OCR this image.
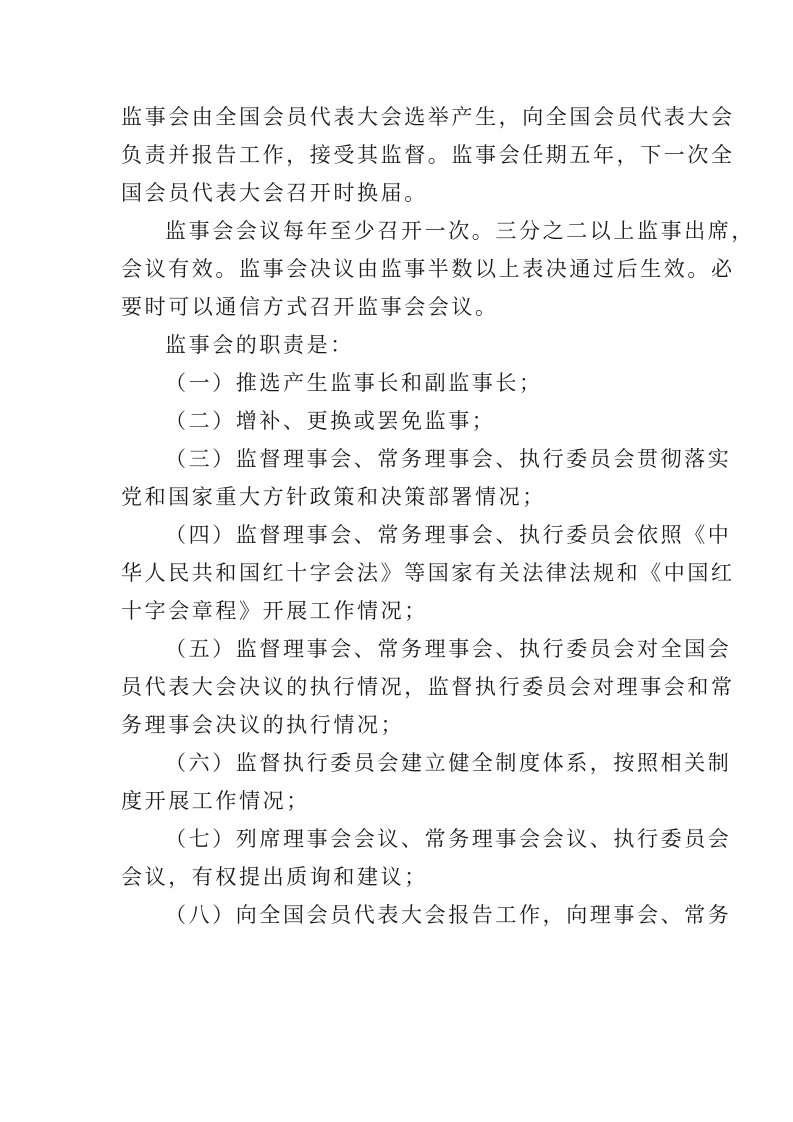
监事会由全国会员代表大会选举产生，向全国会员代表大会
负责并报告工作，接受其监督。监事会任期五年，下一次全
国会员代表大会召开时换届。
监事会会议每年至少召开一次。三分之二以上监事出席，
会议有效。监事会决议由监事半数以上表决通过后生效。必
要时可以通信方式召开监事会会议。
监事会的职责是：
（一）推选产生监事长和副监事长；
（二）增补、更换或罢免监事；
（三）监督理事会、常务理事会、执行委员会贯彻落实
党和国家重大方针政策和决策部署情况；
（四）监督理事会、常务理事会、执行委员会依照《中
华人民共和国红十字会法》等国家有关法律法规和《中国红
十字会章程》开展工作情况；
（五）监督理事会、常务理事会、执行委员会对全国会
员代表大会决议的执行情况，监督执行委员会对理事会和常
务理事会决议的执行情况；
（六）监督执行委员会建立健全制度体系，按照相关制
度开展工作情况；
（七）列席理事会会议、常务理事会会议、执行委员会
会议，有权提出质询和建议；
（八）向全国会员代表大会报告工作，向理事会、常务
